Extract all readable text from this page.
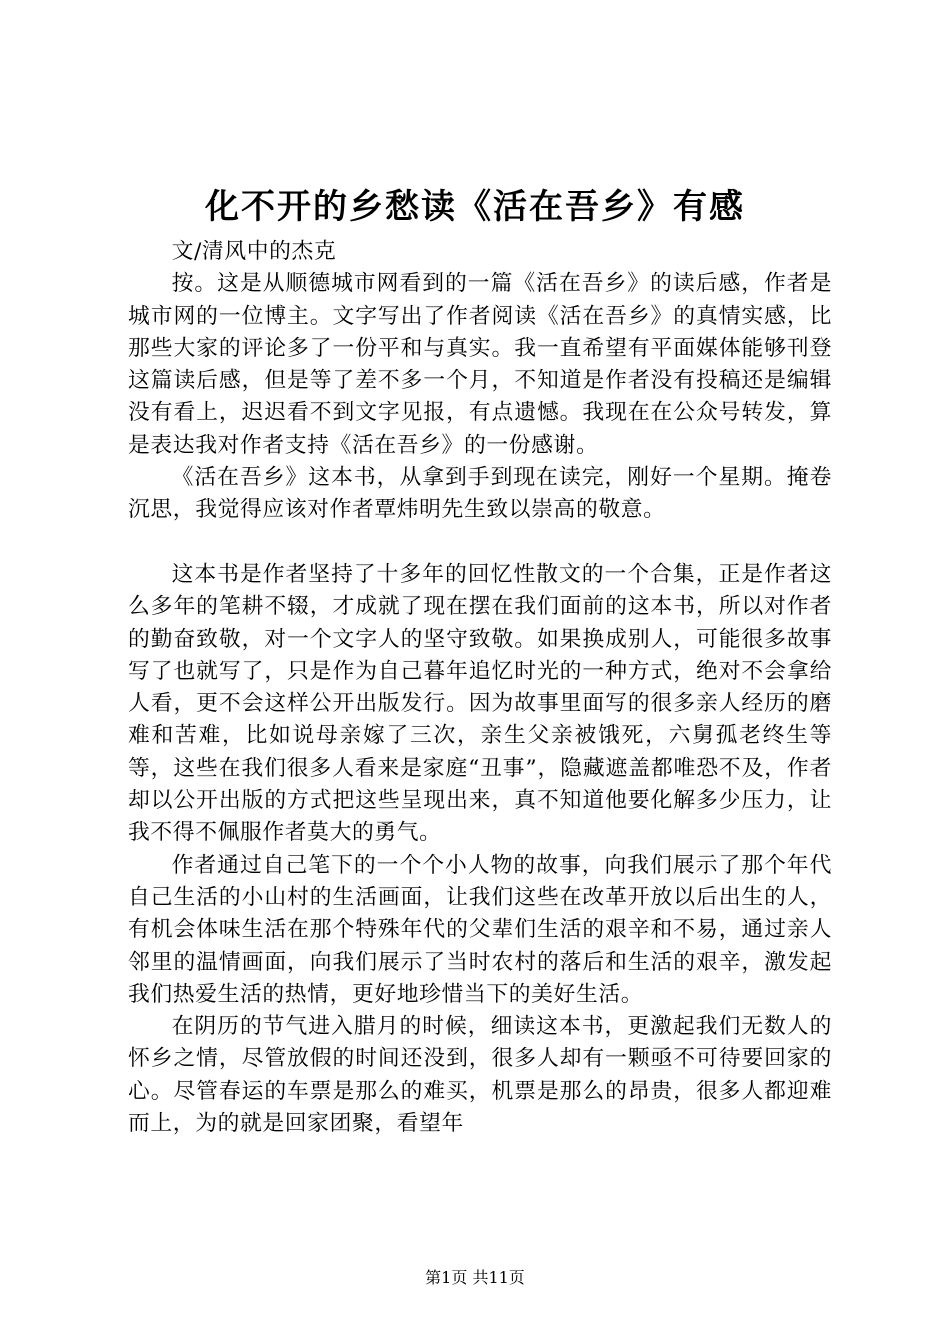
化不开的乡愁读《活在吾乡》有感

文/清风中的杰克

按。这是从顺德城市网看到的一篇《活在吾乡》的读后感，作者是城市网的一位博主。文字写出了作者阅读《活在吾乡》的真情实感，比那些大家的评论多了一份平和与真实。我一直希望有平面媒体能够刊登这篇读后感，但是等了差不多一个月，不知道是作者没有投稿还是编辑没有看上，迟迟看不到文字见报，有点遗憾。我现在在公众号转发，算是表达我对作者支持《活在吾乡》的一份感谢。

《活在吾乡》这本书，从拿到手到现在读完，刚好一个星期。掩卷沉思，我觉得应该对作者覃炜明先生致以崇高的敬意。

这本书是作者坚持了十多年的回忆性散文的一个合集，正是作者这么多年的笔耕不辍，才成就了现在摆在我们面前的这本书，所以对作者的勤奋致敬，对一个文字人的坚守致敬。如果换成别人，可能很多故事写了也就写了，只是作为自己暮年追忆时光的一种方式，绝对不会拿给人看，更不会这样公开出版发行。因为故事里面写的很多亲人经历的磨难和苦难，比如说母亲嫁了三次，亲生父亲被饿死，六舅孤老终生等等，这些在我们很多人看来是家庭“丑事”，隐藏遮盖都唯恐不及，作者却以公开出版的方式把这些呈现出来，真不知道他要化解多少压力，让我不得不佩服作者莫大的勇气。

作者通过自己笔下的一个个小人物的故事，向我们展示了那个年代自己生活的小山村的生活画面，让我们这些在改革开放以后出生的人，有机会体味生活在那个特殊年代的父辈们生活的艰辛和不易，通过亲人邻里的温情画面，向我们展示了当时农村的落后和生活的艰辛，激发起我们热爱生活的热情，更好地珍惜当下的美好生活。

在阴历的节气进入腊月的时候，细读这本书，更激起我们无数人的怀乡之情，尽管放假的时间还没到，很多人却有一颗亟不可待要回家的心。尽管春运的车票是那么的难买，机票是那么的昂贵，很多人都迎难而上，为的就是回家团聚，看望年

第1页 共11页
